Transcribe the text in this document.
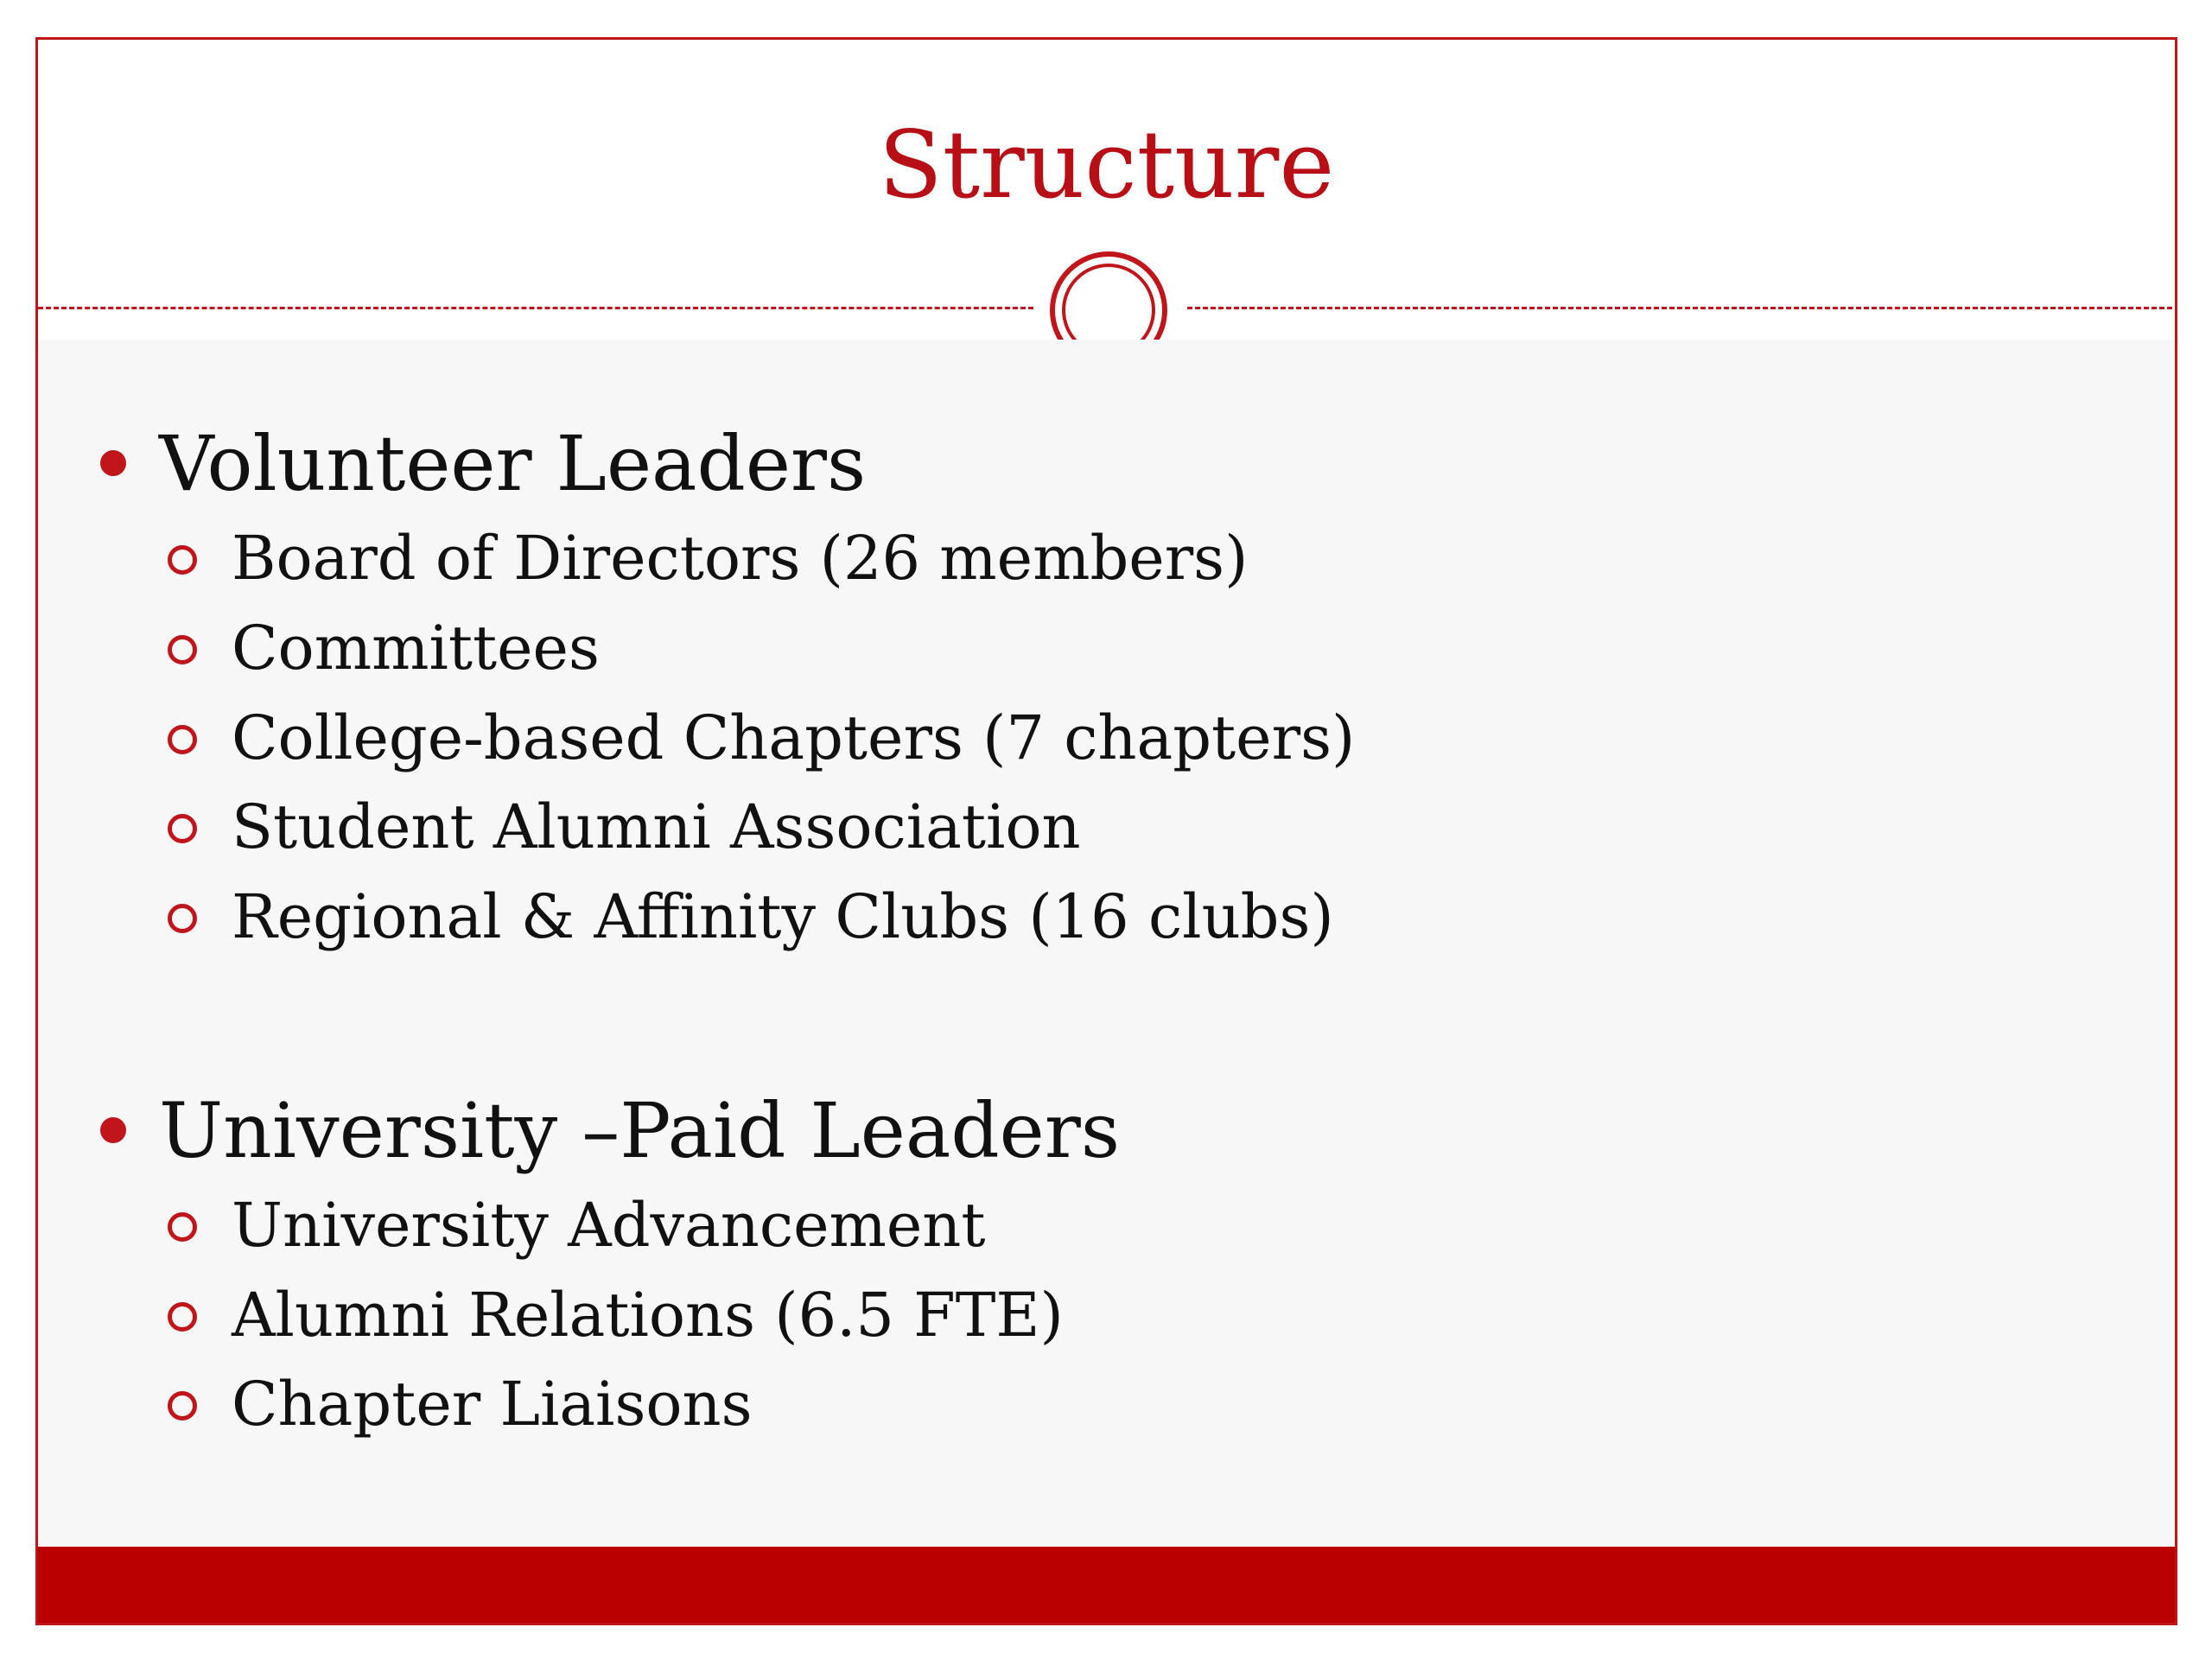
Structure
Volunteer Leaders
Board of Directors (26 members)
Committees
College-based Chapters (7 chapters)
Student Alumni Association
Regional & Affinity Clubs (16 clubs)
University –Paid Leaders
University Advancement
Alumni Relations (6.5 FTE)
Chapter Liaisons
